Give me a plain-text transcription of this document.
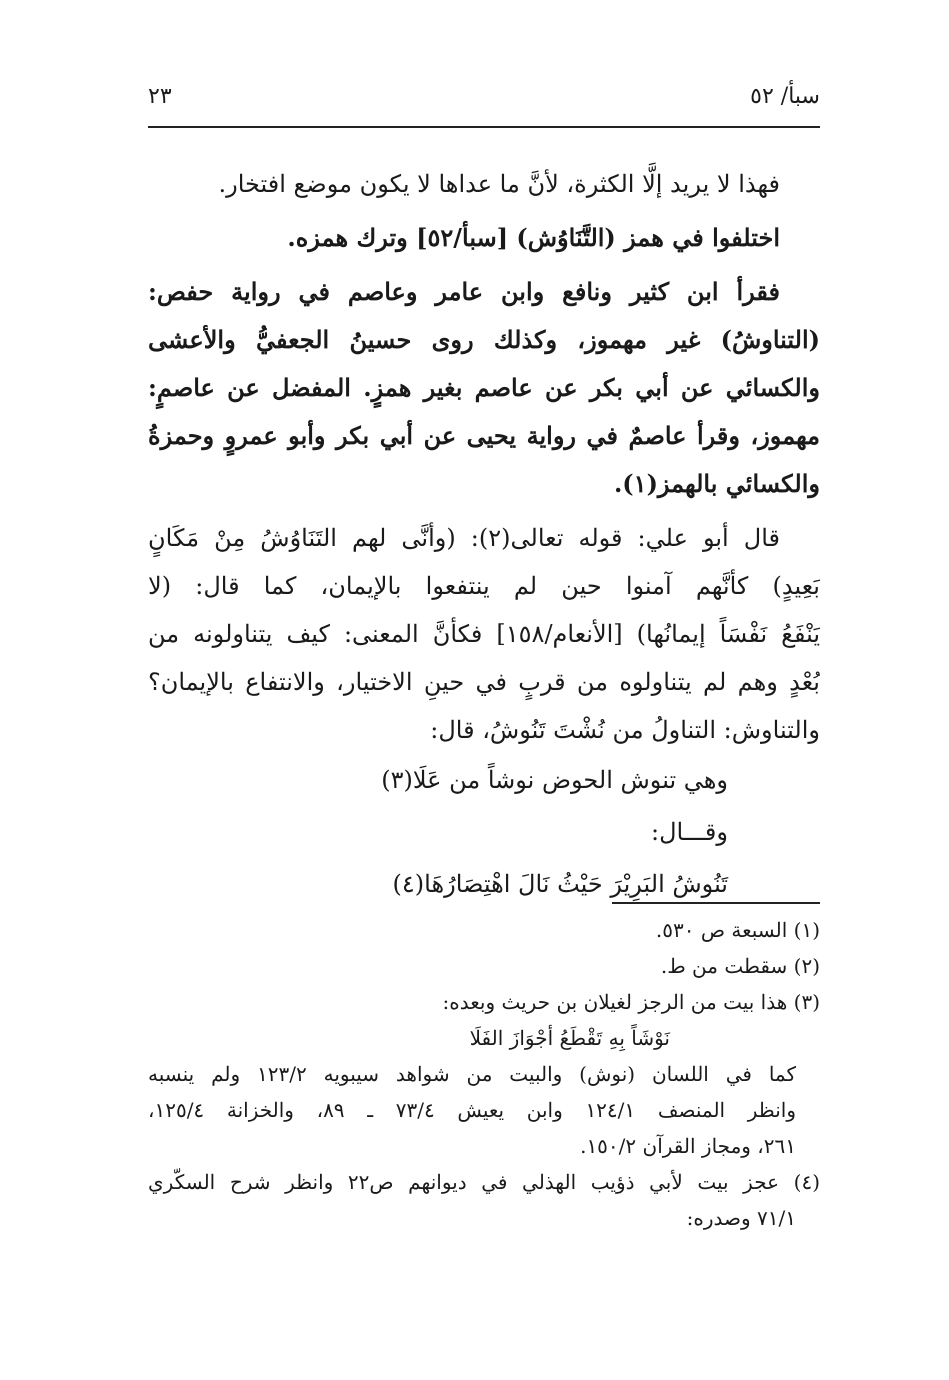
سبأ/ ٥٢
٢٣
فهذا لا يريد إلَّا الكثرة، لأنَّ ما عداها لا يكون موضع افتخار.
اختلفوا في همز (التَّنَاوُش) [سبأ/٥٢] وترك همزه.
فقرأ ابن كثير ونافع وابن عامر وعاصم في رواية حفص:
(التناوشُ) غير مهموز، وكذلك روى حسينُ الجعفيُّ والأعشى
والكسائي عن أبي بكر عن عاصم بغير همزٍ. المفضل عن عاصمٍ:
مهموز، وقرأ عاصمٌ في رواية يحيى عن أبي بكر وأبو عمروٍ وحمزةُ
والكسائي بالهمز(١).
قال أبو علي: قوله تعالى(٢): (وأنَّى لهم التَنَاوُشُ مِنْ مَكَانٍ
بَعِيدٍ) كأنَّهم آمنوا حين لم ينتفعوا بالإيمان، كما قال: (لا
يَنْفَعُ نَفْسَاً إيمانُها) [الأنعام/١٥٨] فكأنَّ المعنى: كيف يتناولونه من
بُعْدٍ وهم لم يتناولوه من قربٍ في حينِ الاختيار، والانتفاع بالإيمان؟
والتناوش: التناولُ من نُشْتَ تَنُوشُ، قال:
وهي تنوش الحوض نوشاً من عَلَا(٣)
وقـــال:
تَنُوشُ البَرِيْرَ حَيْثُ نَالَ اهْتِصَارُهَا(٤)
(١) السبعة ص ٥٣٠.
(٢) سقطت من ط.
(٣) هذا بيت من الرجز لغيلان بن حريث وبعده:
نَوْشَاً بِهِ تَقْطَعُ أجْوَازَ الفَلَا
كما في اللسان (نوش) والبيت من شواهد سيبويه ١٢٣/٢ ولم ينسبه
وانظر المنصف ١٢٤/١ وابن يعيش ٧٣/٤ ـ ٨٩، والخزانة ١٢٥/٤،
٢٦١، ومجاز القرآن ١٥٠/٢.
(٤) عجز بيت لأبي ذؤيب الهذلي في ديوانهم ص٢٢ وانظر شرح السكّري
٧١/١ وصدره:
